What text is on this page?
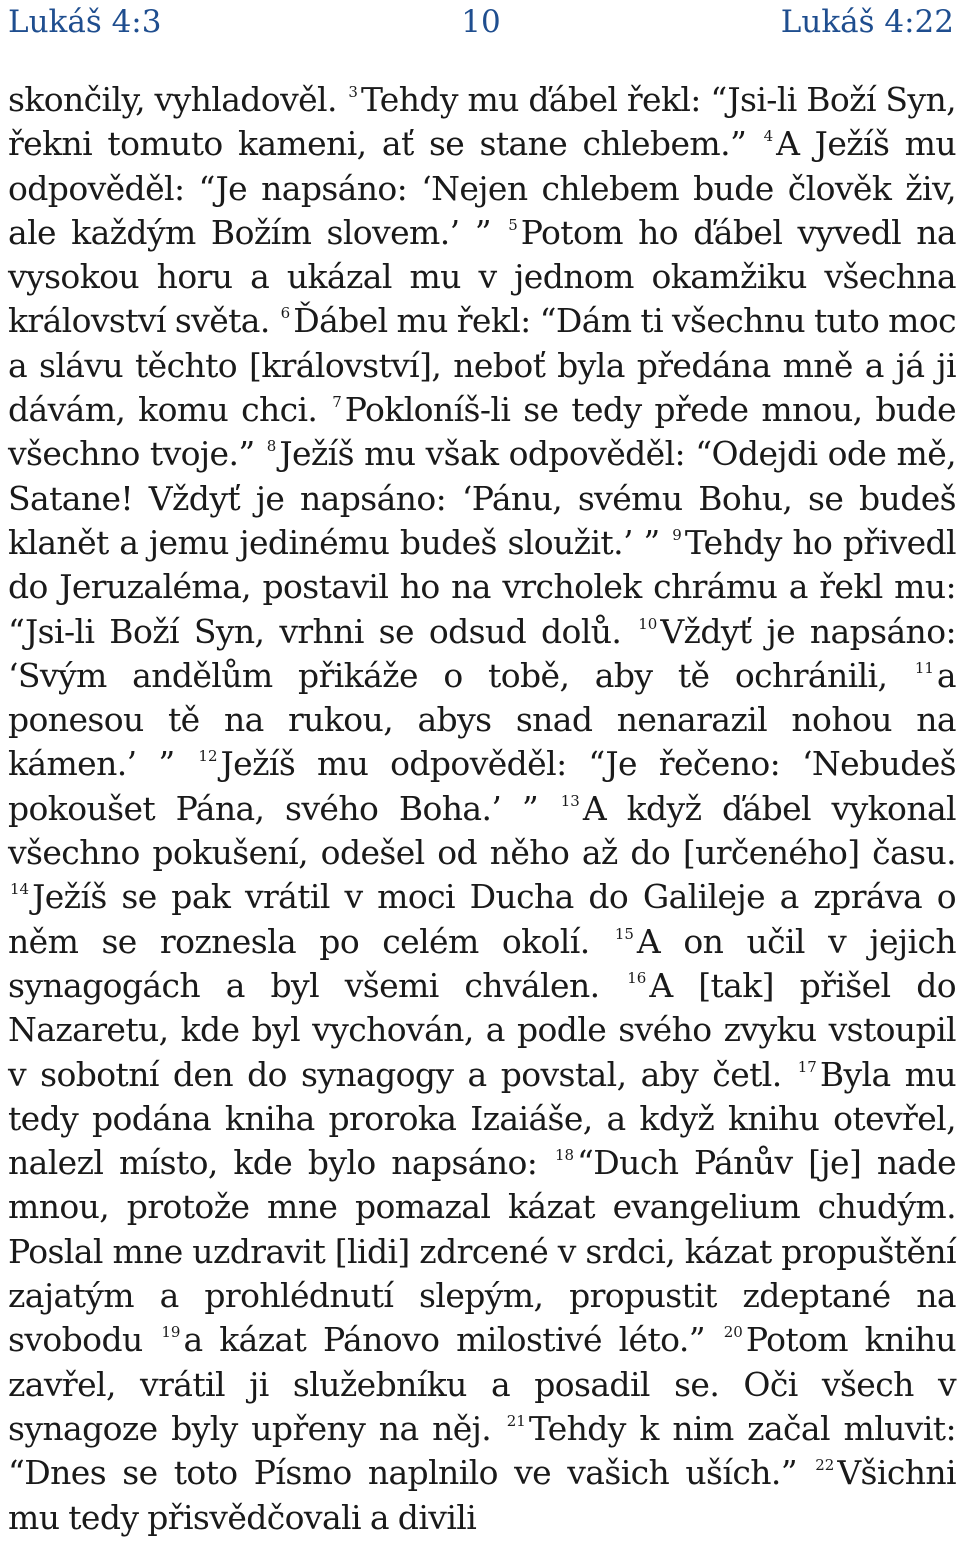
Lukáš 4:3	10	Lukáš 4:22
skončily, vyhladověl. $^3$Tehdy mu ďábel řekl: “Jsi-li Boží Syn, řekni tomuto kameni, ať se stane chlebem.” $^4$A Ježíš mu odpověděl: “Je napsáno: ‘Nejen chlebem bude člověk živ, ale každým Božím slovem.’ ” $^5$Potom ho ďábel vyvedl na vysokou horu a ukázal mu v jednom okamžiku všechna království světa. $^6$Ďábel mu řekl: “Dám ti všechnu tuto moc a slávu těchto [království], neboť byla předána mně a já ji dávám, komu chci. $^7$Pokloníš-li se tedy přede mnou, bude všechno tvoje.” $^8$Ježíš mu však odpověděl: “Odejdi ode mě, Satane! Vždyť je napsáno: ‘Pánu, svému Bohu, se budeš klanět a jemu jedinému budeš sloužit.’ ” $^9$Tehdy ho přivedl do Jeruzaléma, postavil ho na vrcholek chrámu a řekl mu: “Jsi-li Boží Syn, vrhni se odsud dolů. $^{10}$Vždyť je napsáno: ‘Svým andělům přikáže o tobě, aby tě ochránili, $^{11}$a ponesou tě na rukou, abys snad nenarazil nohou na kámen.’ ” $^{12}$Ježíš mu odpověděl: “Je řečeno: ‘Nebudeš pokoušet Pána, svého Boha.’ ” $^{13}$A když ďábel vykonal všechno pokušení, odešel od něho až do [určeného] času. $^{14}$Ježíš se pak vrátil v moci Ducha do Galileje a zpráva o něm se roznesla po celém okolí. $^{15}$A on učil v jejich synagogách a byl všemi chválen. $^{16}$A [tak] přišel do Nazaretu, kde byl vychován, a podle svého zvyku vstoupil v sobotní den do synagogy a povstal, aby četl. $^{17}$Byla mu tedy podána kniha proroka Izaiáše, a když knihu otevřel, nalezl místo, kde bylo napsáno: $^{18}$“Duch Pánův [je] nade mnou, protože mne pomazal kázat evangelium chudým. Poslal mne uzdravit [lidi] zdrcené v srdci, kázat propuštění zajatým a prohlédnutí slepým, propustit zdeptané na svobodu $^{19}$a kázat Pánovo milostivé léto.” $^{20}$Potom knihu zavřel, vrátil ji služebníku a posadil se. Oči všech v synagoze byly upřeny na něj. $^{21}$Tehdy k nim začal mluvit: “Dnes se toto Písmo naplnilo ve vašich uších.” $^{22}$Všichni mu tedy přisvědčovali a divili
